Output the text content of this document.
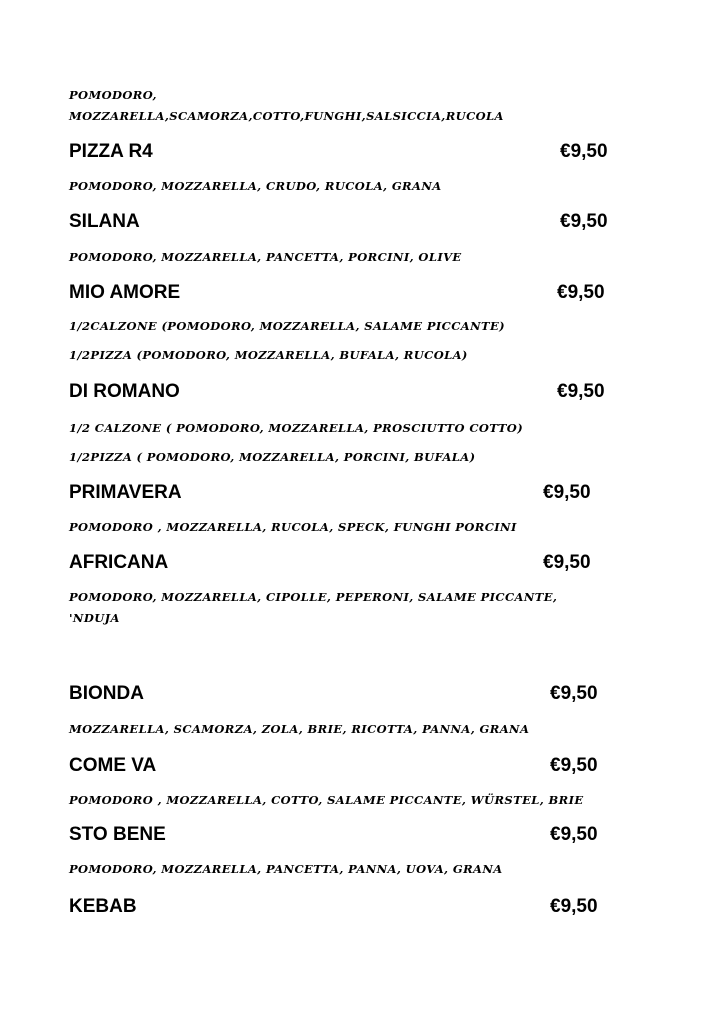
POMODORO,
MOZZARELLA,SCAMORZA,COTTO,FUNGHI,SALSICCIA,RUCOLA
PIZZA R4	€9,50
POMODORO, MOZZARELLA, CRUDO, RUCOLA, GRANA
SILANA	€9,50
POMODORO, MOZZARELLA, PANCETTA, PORCINI, OLIVE
MIO AMORE	€9,50
1/2CALZONE (POMODORO, MOZZARELLA, SALAME PICCANTE)
1/2PIZZA (POMODORO, MOZZARELLA, BUFALA, RUCOLA)
DI ROMANO	€9,50
1/2 CALZONE ( POMODORO, MOZZARELLA, PROSCIUTTO COTTO)
1/2PIZZA ( POMODORO, MOZZARELLA, PORCINI, BUFALA)
PRIMAVERA	€9,50
POMODORO , MOZZARELLA, RUCOLA, SPECK, FUNGHI PORCINI
AFRICANA	€9,50
POMODORO, MOZZARELLA, CIPOLLE, PEPERONI, SALAME PICCANTE,
'NDUJA
BIONDA	€9,50
MOZZARELLA, SCAMORZA, ZOLA, BRIE, RICOTTA, PANNA, GRANA
COME VA	€9,50
POMODORO , MOZZARELLA, COTTO, SALAME PICCANTE, WÜRSTEL, BRIE
STO BENE	€9,50
POMODORO, MOZZARELLA, PANCETTA, PANNA, UOVA, GRANA
KEBAB	€9,50
